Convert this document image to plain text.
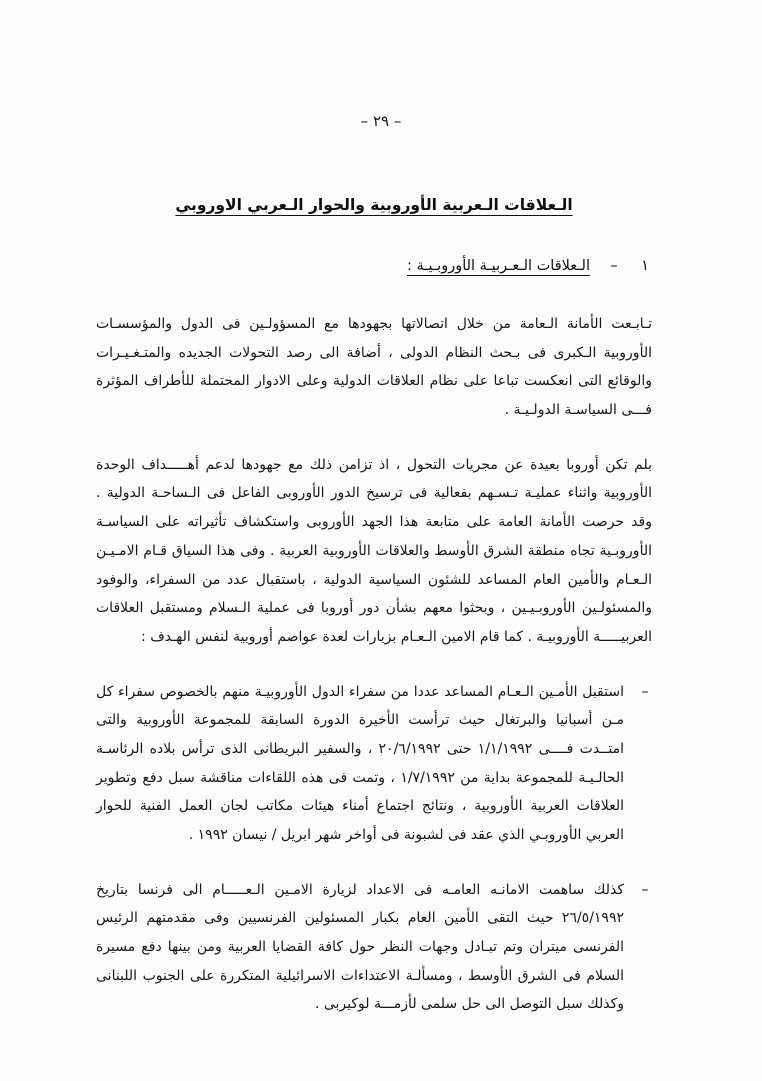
– ٢٩ –
الـعلاقات الـعربية الأوروبية والحوار الـعربي الاوروبي
١
–
الـعلاقات الـعـربيـة الأوروبـيـة :

تـابـعت الأمانة الـعامة من خلال اتصالاتها بجهودها مع المسؤولـين فى الدول والمؤسسـات الأوروبية الـكبرى فى بـحث النظام الدولى ، أضافة الى رصد التحولات الجديده والمتـغـيـرات والوقائع التى انعكست تباعا على نظام العلاقات الدولية وعلى الادوار المحتملة للأطراف المؤثرة فـــى السياسـة الدولـيـة .

بلم تكن أوروبا بعيدة عن مجريات التحول ، اذ تزامن ذلك مع جهودها لدعم أهـــــداف الوحدة الأوروبية واثناء عمليـة تـسـهم بفعالية فى ترسيخ الدور الأوروبى الفاعل فى الـساحـة الدولية . وقد حرصت الأمانة العامة على متابعة هذا الجهد الأوروبى واستكشاف تأثيراته على السياسـة الأوروبـية تجاه منطقة الشرق الأوسط والعلاقات الأوروبية العربية . وفى هذا السياق قـام الامـيـن الـعـام والأمين العام المساعد للشئون السياسية الدولية ، باستقبال عدد من السفراء، والوفود والمسئولـين الأوروبـيـين ، وبحثوا معهم بشأن دور أوروبا فى عملية الـسلام ومستقبل العلاقات العربيـــــة الأوروبيـة . كما قام الامين الـعـام بزيارات لعدة عواصم أوروبية لنفس الهـدف :

–

استقبل الأمـين الـعـام المساعد عددا من سفراء الدول الأوروبيـة منهم بالخصوص سفراء كل مـن أسبانيا والبرتغال حيث ترأست الأخيرة الدورة السابقة للمجموعة الأوروبية والتى امتــدت فــــى ١/١/١٩٩٢ حتى ٢٠/٦/١٩٩٢ ، والسفير البريطانى الذى ترأس بلاده الرئاسـة الحالـيـة للمجموعة بداية من ١/٧/١٩٩٢ ، وتمت فى هذه اللقاءات مناقشة سبل دفع وتطوير العلاقات العربية الأوروبية ، ونتائج اجتماع أمناء هيئات مكاتب لجان العمل الفنية للحوار العربي الأوروبـي الذي عقد فى لشبونة فى أواخر شهر ابريل / نيسان ١٩٩٢ .

–

كذلك ساهمت الامانـه العامـه فى الاعداد لزيارة الامـين الـعـــــام الى فرنسا بتاريخ ٢٦/٥/١٩٩٢ حيث التقى الأمين العام بكبار المسئولين الفرنسيين وفى مقدمتهم الرئيس الفرنسى ميتران وتم تبـادل وجهات النظر حول كافة القضايا العربية ومن بينها دفع مسيرة السلام فى الشرق الأوسط ، ومسألـة الاعتداءات الاسرائيلية المتكررة على الجنوب اللبنانى وكذلك سبل التوصل الى حل سلمى لأزمـــة لوكيربى .
